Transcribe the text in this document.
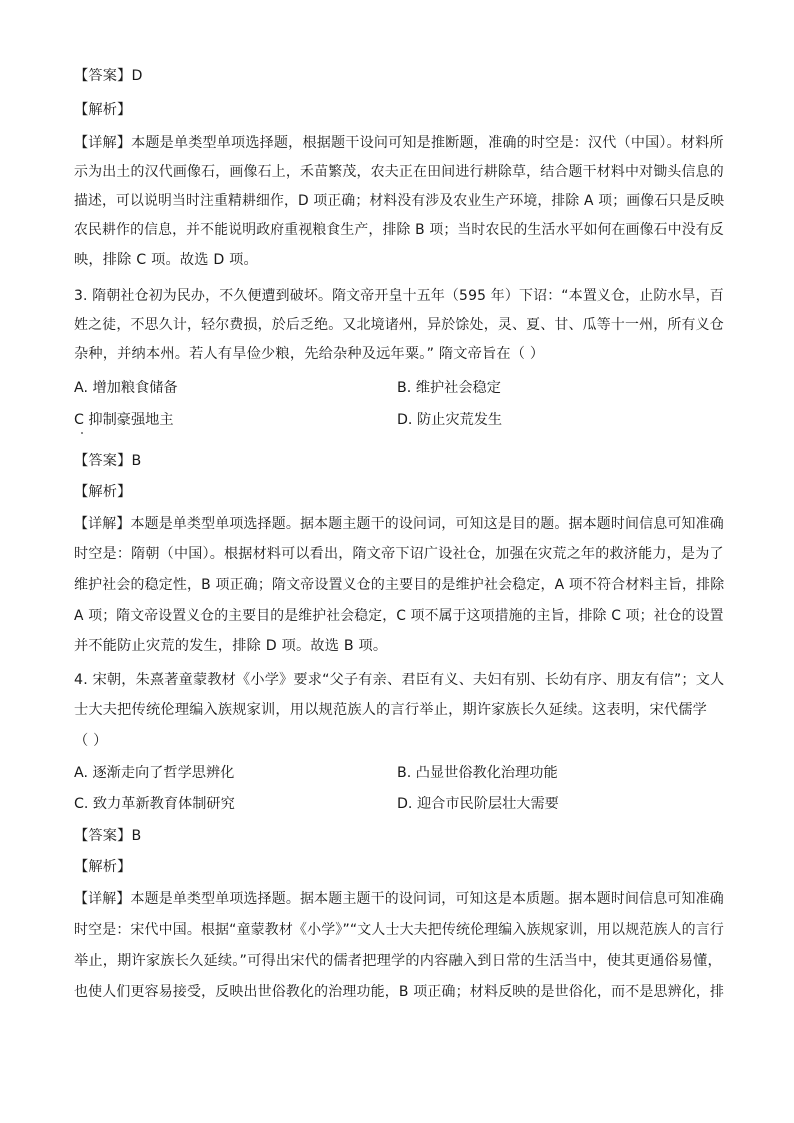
【答案】D
【解析】
【详解】本题是单类型单项选择题，根据题干设问可知是推断题，准确的时空是：汉代（中国）。材料所
示为出土的汉代画像石，画像石上，禾苗繁茂，农夫正在田间进行耕除草，结合题干材料中对锄头信息的
描述，可以说明当时注重精耕细作，D 项正确；材料没有涉及农业生产环境，排除 A 项；画像石只是反映
农民耕作的信息，并不能说明政府重视粮食生产，排除 B 项；当时农民的生活水平如何在画像石中没有反
映，排除 C 项。故选 D 项。
3. 隋朝社仓初为民办，不久便遭到破坏。隋文帝开皇十五年（595 年）下诏：“本置义仓，止防水旱，百
姓之徒，不思久计，轻尔费损，於后乏绝。又北境诸州，异於馀处，灵、夏、甘、瓜等十一州，所有义仓
杂种，并纳本州。若人有旱俭少粮，先给杂种及远年粟。” 隋文帝旨在（ ）
A. 增加粮食储备	B. 维护社会稳定
C 抑制豪强地主	D. 防止灾荒发生
【答案】B
【解析】
【详解】本题是单类型单项选择题。据本题主题干的设问词，可知这是目的题。据本题时间信息可知准确
时空是：隋朝（中国）。根据材料可以看出，隋文帝下诏广设社仓，加强在灾荒之年的救济能力，是为了
维护社会的稳定性，B 项正确；隋文帝设置义仓的主要目的是维护社会稳定，A 项不符合材料主旨，排除
A 项；隋文帝设置义仓的主要目的是维护社会稳定，C 项不属于这项措施的主旨，排除 C 项；社仓的设置
并不能防止灾荒的发生，排除 D 项。故选 B 项。
4. 宋朝，朱熹著童蒙教材《小学》要求“父子有亲、君臣有义、夫妇有别、长幼有序、朋友有信”；文人
士大夫把传统伦理编入族规家训，用以规范族人的言行举止，期许家族长久延续。这表明，宋代儒学
（ ）
A. 逐渐走向了哲学思辨化	B. 凸显世俗教化治理功能
C. 致力革新教育体制研究	D. 迎合市民阶层壮大需要
【答案】B
【解析】
【详解】本题是单类型单项选择题。据本题主题干的设问词，可知这是本质题。据本题时间信息可知准确
时空是：宋代中国。根据“童蒙教材《小学》”“文人士大夫把传统伦理编入族规家训，用以规范族人的言行
举止，期许家族长久延续。”可得出宋代的儒者把理学的内容融入到日常的生活当中，使其更通俗易懂，
也使人们更容易接受，反映出世俗教化的治理功能，B 项正确；材料反映的是世俗化，而不是思辨化，排
